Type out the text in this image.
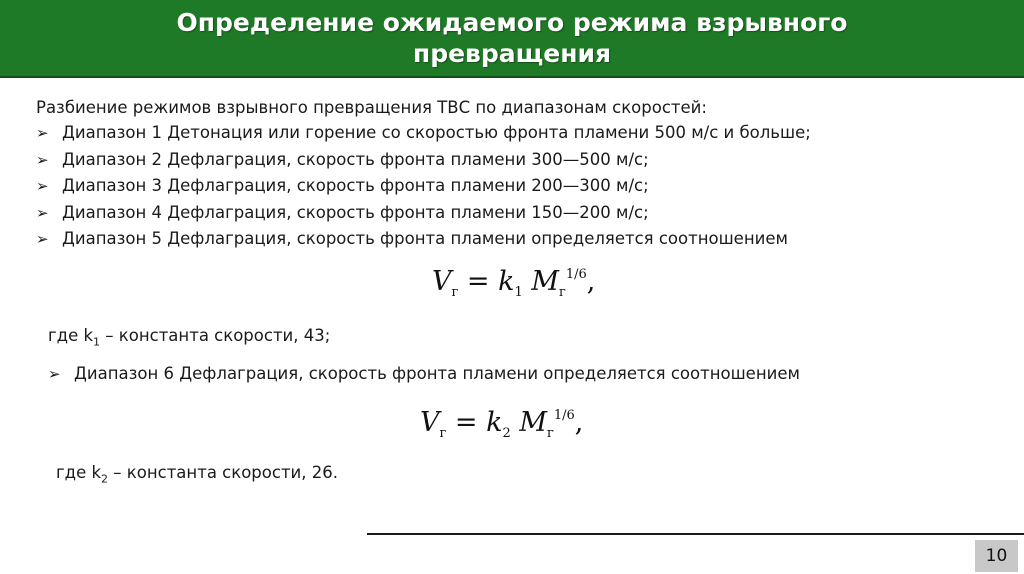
Определение ожидаемого режима взрывного превращения

Разбиение режимов взрывного превращения ТВС по диапазонам скоростей:

➢ Диапазон 1 Детонация или горение со скоростью фронта пламени 500 м/с и больше;
➢ Диапазон 2 Дефлаграция, скорость фронта пламени 300—500 м/с;
➢ Диапазон 3 Дефлаграция, скорость фронта пламени 200—300 м/с;
➢ Диапазон 4 Дефлаграция, скорость фронта пламени 150—200 м/с;
➢ Диапазон 5 Дефлаграция, скорость фронта пламени определяется соотношением
$V_г = k_1$ $M_г^{1/6}$,
где $k_1$ – константа скорости, 43;
➢ Диапазон 6 Дефлаграция, скорость фронта пламени определяется соотношением
$V_г = k_2$ $M_г^{1/6}$,
где $k_2$ – константа скорости, 26.
10
